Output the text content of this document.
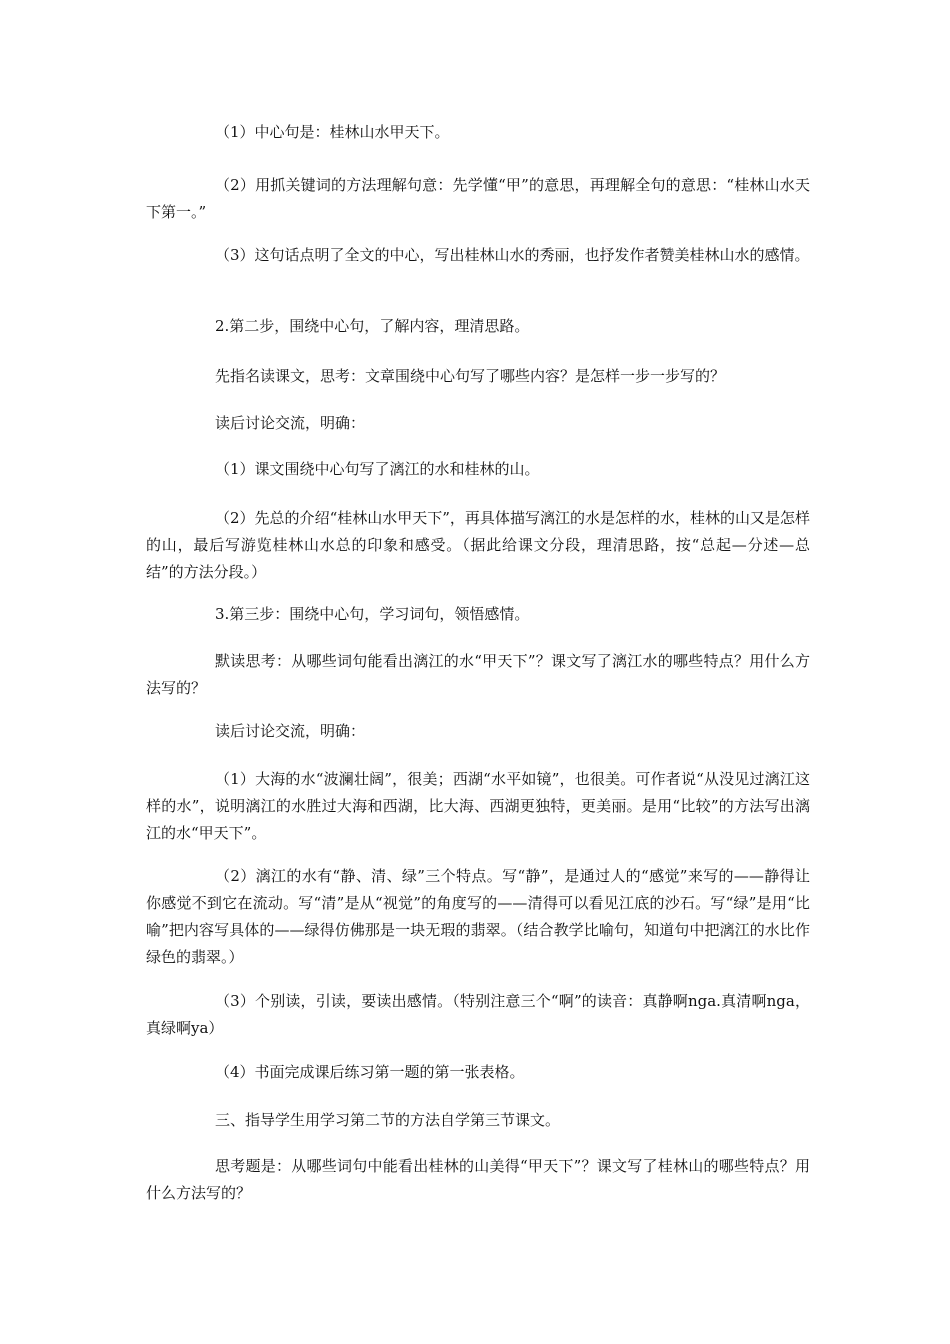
（1）中心句是：桂林山水甲天下。

（2）用抓关键词的方法理解句意：先学懂“甲”的意思，再理解全句的意思：“桂林山水天下第一。”

（3）这句话点明了全文的中心，写出桂林山水的秀丽，也抒发作者赞美桂林山水的感情。

2.第二步，围绕中心句，了解内容，理清思路。

先指名读课文，思考：文章围绕中心句写了哪些内容？是怎样一步一步写的？

读后讨论交流，明确：

（1）课文围绕中心句写了漓江的水和桂林的山。

（2）先总的介绍“桂林山水甲天下”，再具体描写漓江的水是怎样的水，桂林的山又是怎样的山，最后写游览桂林山水总的印象和感受。（据此给课文分段，理清思路，按“总起—分述—总结”的方法分段。）

3.第三步：围绕中心句，学习词句，领悟感情。

默读思考：从哪些词句能看出漓江的水“甲天下”？课文写了漓江水的哪些特点？用什么方法写的？

读后讨论交流，明确：

（1）大海的水“波澜壮阔”，很美；西湖“水平如镜”，也很美。可作者说“从没见过漓江这样的水”，说明漓江的水胜过大海和西湖，比大海、西湖更独特，更美丽。是用“比较”的方法写出漓江的水“甲天下”。

（2）漓江的水有“静、清、绿”三个特点。写“静”，是通过人的“感觉”来写的——静得让你感觉不到它在流动。写“清”是从“视觉”的角度写的——清得可以看见江底的沙石。写“绿”是用“比喻”把内容写具体的——绿得仿佛那是一块无瑕的翡翠。（结合教学比喻句，知道句中把漓江的水比作绿色的翡翠。）

（3）个别读，引读，要读出感情。（特别注意三个“啊”的读音：真静啊nga.真清啊nga，真绿啊ya）

（4）书面完成课后练习第一题的第一张表格。

三、指导学生用学习第二节的方法自学第三节课文。

思考题是：从哪些词句中能看出桂林的山美得“甲天下”？课文写了桂林山的哪些特点？用什么方法写的？
